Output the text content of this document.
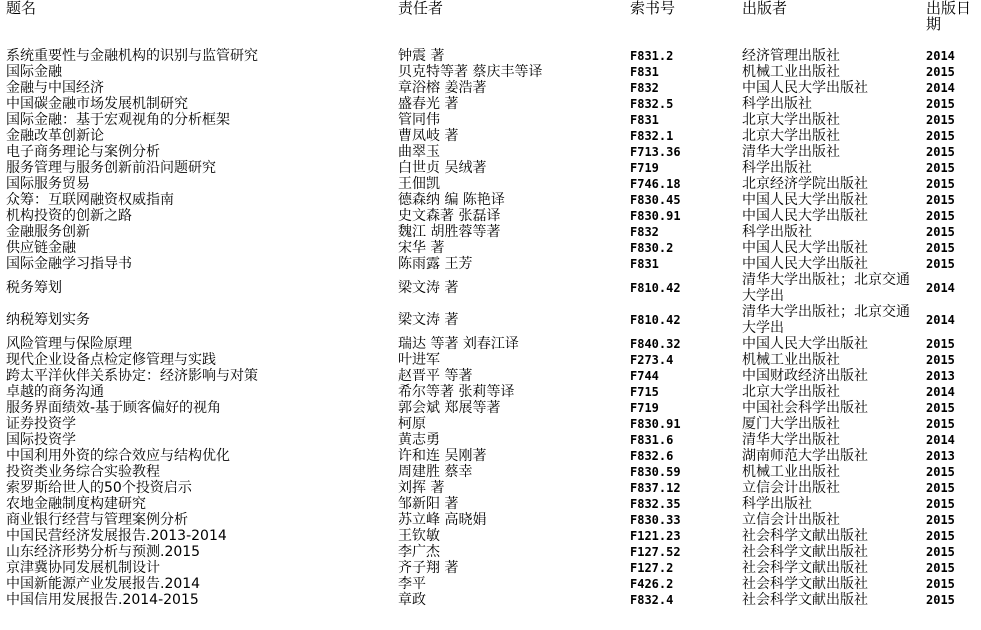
题名	责任者	索书号	出版者	出版日期
系统重要性与金融机构的识别与监管研究	钟震 著	F831.2	经济管理出版社	2014
国际金融	贝克特等著 蔡庆丰等译	F831	机械工业出版社	2015
金融与中国经济	章浴榕 姜浩著	F832	中国人民大学出版社	2014
中国碳金融市场发展机制研究	盛春光 著	F832.5	科学出版社	2015
国际金融：基于宏观视角的分析框架	管同伟	F831	北京大学出版社	2015
金融改革创新论	曹凤岐 著	F832.1	北京大学出版社	2015
电子商务理论与案例分析	曲翠玉	F713.36	清华大学出版社	2015
服务管理与服务创新前沿问题研究	白世贞 吴绒著	F719	科学出版社	2015
国际服务贸易	王佃凯	F746.18	北京经济学院出版社	2015
众筹：互联网融资权威指南	德森纳 编 陈艳译	F830.45	中国人民大学出版社	2015
机构投资的创新之路	史文森著 张磊译	F830.91	中国人民大学出版社	2015
金融服务创新	魏江 胡胜蓉等著	F832	科学出版社	2015
供应链金融	宋华 著	F830.2	中国人民大学出版社	2015
国际金融学习指导书	陈雨露 王芳	F831	中国人民大学出版社	2015
税务筹划	梁文涛 著	F810.42	清华大学出版社；北京交通大学出	2014
纳税筹划实务	梁文涛 著	F810.42	清华大学出版社；北京交通大学出	2014
风险管理与保险原理	瑞达 等著 刘春江译	F840.32	中国人民大学出版社	2015
现代企业设备点检定修管理与实践	叶进军	F273.4	机械工业出版社	2015
跨太平洋伙伴关系协定：经济影响与对策	赵晋平 等著	F744	中国财政经济出版社	2013
卓越的商务沟通	希尔等著 张莉等译	F715	北京大学出版社	2014
服务界面绩效-基于顾客偏好的视角	郭会斌 郑展等著	F719	中国社会科学出版社	2015
证券投资学	柯原	F830.91	厦门大学出版社	2015
国际投资学	黄志勇	F831.6	清华大学出版社	2014
中国利用外资的综合效应与结构优化	许和连 吴刚著	F832.6	湖南师范大学出版社	2013
投资类业务综合实验教程	周建胜 蔡幸	F830.59	机械工业出版社	2015
索罗斯给世人的50个投资启示	刘挥 著	F837.12	立信会计出版社	2015
农地金融制度构建研究	邹新阳 著	F832.35	科学出版社	2015
商业银行经营与管理案例分析	苏立峰 高晓娟	F830.33	立信会计出版社	2015
中国民营经济发展报告.2013-2014	王钦敏	F121.23	社会科学文献出版社	2015
山东经济形势分析与预测.2015	李广杰	F127.52	社会科学文献出版社	2015
京津冀协同发展机制设计	齐子翔 著	F127.2	社会科学文献出版社	2015
中国新能源产业发展报告.2014	李平	F426.2	社会科学文献出版社	2015
中国信用发展报告.2014-2015	章政	F832.4	社会科学文献出版社	2015
